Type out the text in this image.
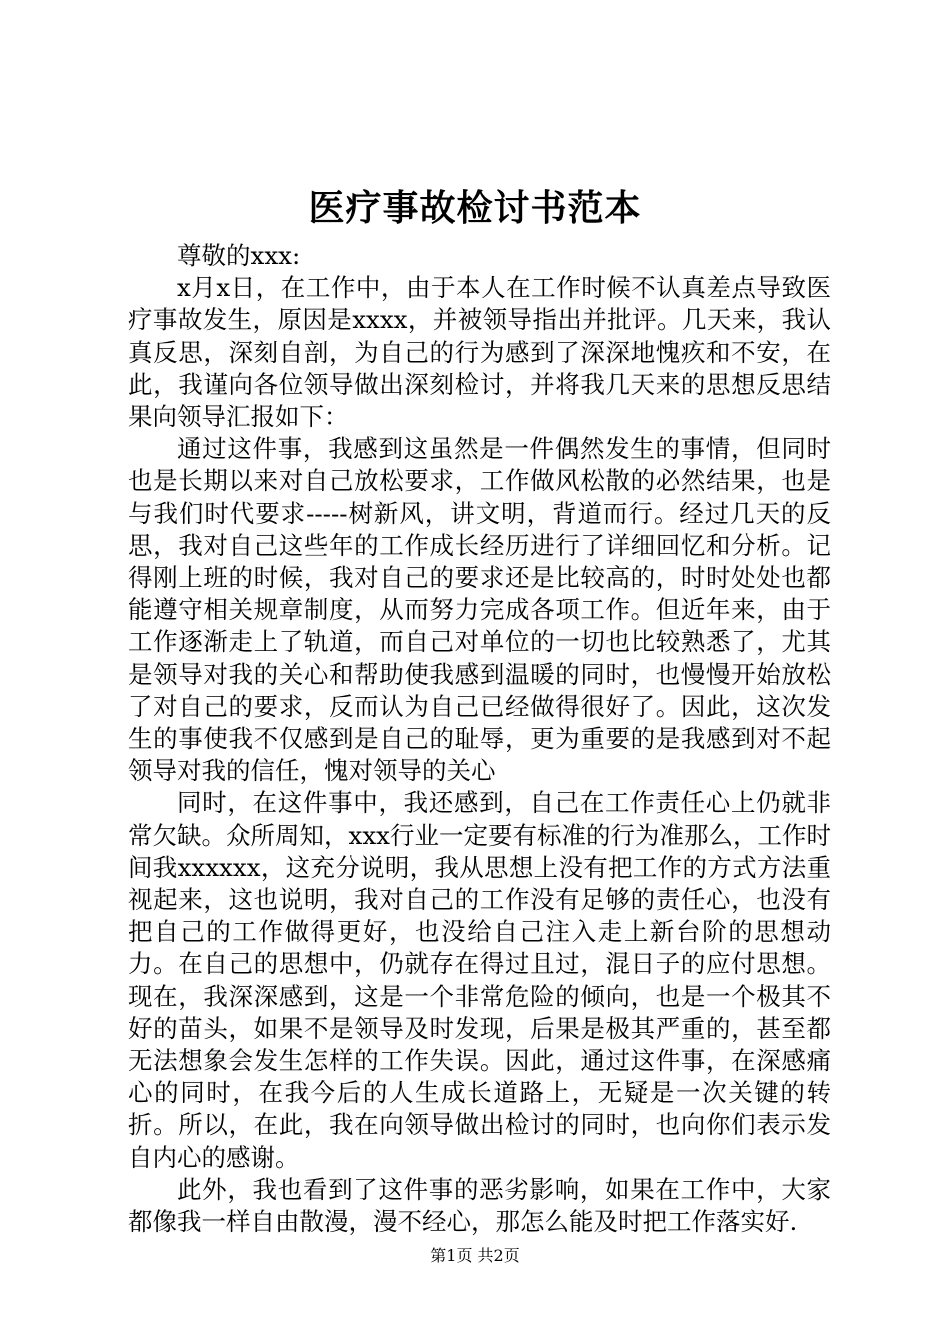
医疗事故检讨书范本

尊敬的xxx:

x月x日，在工作中，由于本人在工作时候不认真差点导致医疗事故发生，原因是xxxx，并被领导指出并批评。几天来，我认真反思，深刻自剖，为自己的行为感到了深深地愧疚和不安，在此，我谨向各位领导做出深刻检讨，并将我几天来的思想反思结果向领导汇报如下：

通过这件事，我感到这虽然是一件偶然发生的事情，但同时也是长期以来对自己放松要求，工作做风松散的必然结果，也是与我们时代要求-----树新风，讲文明，背道而行。经过几天的反思，我对自己这些年的工作成长经历进行了详细回忆和分析。记得刚上班的时候，我对自己的要求还是比较高的，时时处处也都能遵守相关规章制度，从而努力完成各项工作。但近年来，由于工作逐渐走上了轨道，而自己对单位的一切也比较熟悉了，尤其是领导对我的关心和帮助使我感到温暖的同时，也慢慢开始放松了对自己的要求，反而认为自己已经做得很好了。因此，这次发生的事使我不仅感到是自己的耻辱，更为重要的是我感到对不起领导对我的信任，愧对领导的关心

同时，在这件事中，我还感到，自己在工作责任心上仍就非常欠缺。众所周知，xxx行业一定要有标准的行为准那么，工作时间我xxxxxx，这充分说明，我从思想上没有把工作的方式方法重视起来，这也说明，我对自己的工作没有足够的责任心，也没有把自己的工作做得更好，也没给自己注入走上新台阶的思想动力。在自己的思想中，仍就存在得过且过，混日子的应付思想。现在，我深深感到，这是一个非常危险的倾向，也是一个极其不好的苗头，如果不是领导及时发现，后果是极其严重的，甚至都无法想象会发生怎样的工作失误。因此，通过这件事，在深感痛心的同时，在我今后的人生成长道路上，无疑是一次关键的转折。所以，在此，我在向领导做出检讨的同时，也向你们表示发自内心的感谢。

此外，我也看到了这件事的恶劣影响，如果在工作中，大家都像我一样自由散漫，漫不经心，那怎么能及时把工作落实好.

第1页 共2页
